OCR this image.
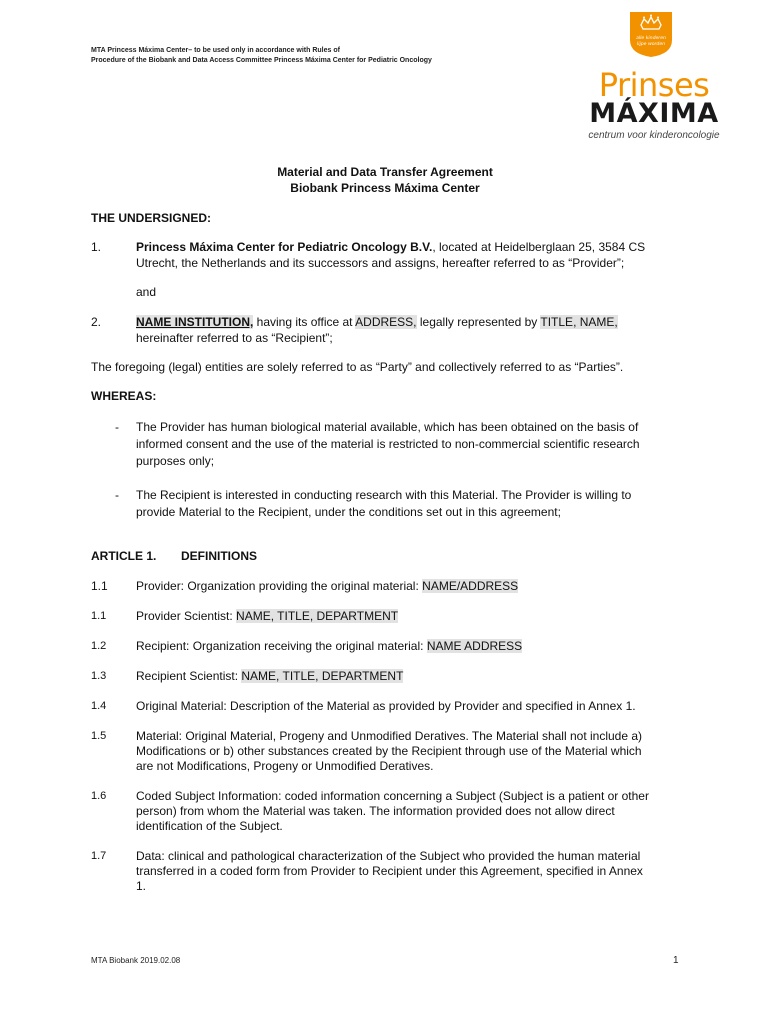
MTA Princess Máxima Center– to be used only in accordance with Rules of
Procedure of the Biobank and Data Access Committee Princess Máxima Center for Pediatric Oncology
alle kinderen
lijpe worden
Prinses
MÁXIMA
centrum voor kinderoncologie
Material and Data Transfer Agreement
Biobank Princess Máxima Center
THE UNDERSIGNED:
1.	Princess Máxima Center for Pediatric Oncology B.V., located at Heidelberglaan 25, 3584 CS
Utrecht, the Netherlands and its successors and assigns, hereafter referred to as “Provider”;
and
2.	NAME INSTITUTION, having its office at ADDRESS, legally represented by TITLE, NAME,
hereinafter referred to as “Recipient”;
The foregoing (legal) entities are solely referred to as “Party” and collectively referred to as “Parties”.
WHEREAS:
- The Provider has human biological material available, which has been obtained on the basis of
informed consent and the use of the material is restricted to non-commercial scientific research
purposes only;
- The Recipient is interested in conducting research with this Material. The Provider is willing to
provide Material to the Recipient, under the conditions set out in this agreement;
ARTICLE 1. DEFINITIONS
1.1 Provider: Organization providing the original material: NAME/ADDRESS
1.1 Provider Scientist: NAME, TITLE, DEPARTMENT
1.2 Recipient: Organization receiving the original material: NAME ADDRESS
1.3 Recipient Scientist: NAME, TITLE, DEPARTMENT
1.4 Original Material: Description of the Material as provided by Provider and specified in Annex 1.
1.5 Material: Original Material, Progeny and Unmodified Deratives. The Material shall not include a)
Modifications or b) other substances created by the Recipient through use of the Material which
are not Modifications, Progeny or Unmodified Deratives.
1.6 Coded Subject Information: coded information concerning a Subject (Subject is a patient or other
person) from whom the Material was taken. The information provided does not allow direct
identification of the Subject.
1.7 Data: clinical and pathological characterization of the Subject who provided the human material
transferred in a coded form from Provider to Recipient under this Agreement, specified in Annex
1.
MTA Biobank 2019.02.08	1
